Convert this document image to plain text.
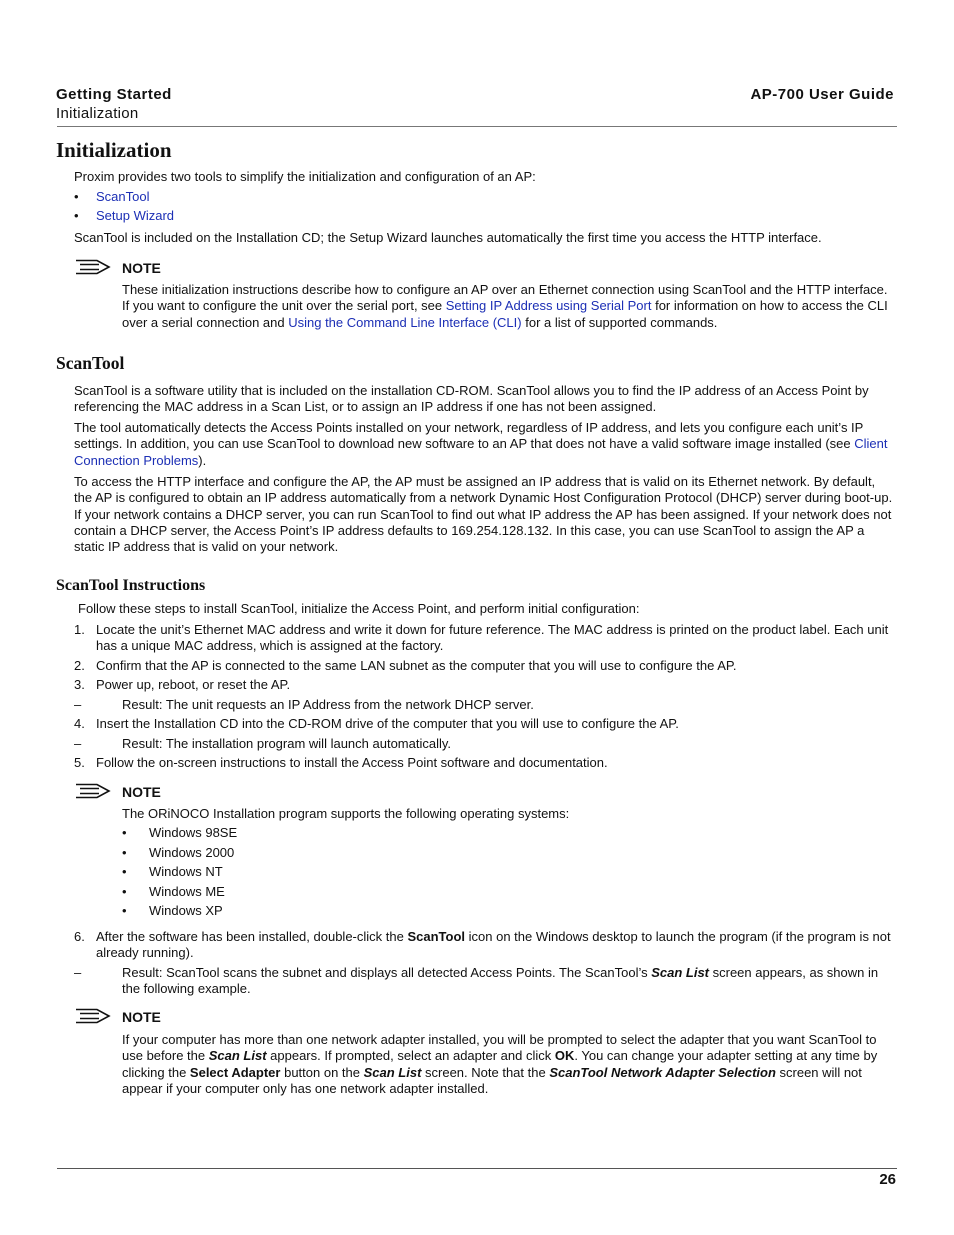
Getting Started
Initialization
AP-700 User Guide
Initialization

Proxim provides two tools to simplify the initialization and configuration of an AP:

• ScanTool
• Setup Wizard

ScanTool is included on the Installation CD; the Setup Wizard launches automatically the first time you access the HTTP interface.

NOTE

These initialization instructions describe how to configure an AP over an Ethernet connection using ScanTool and the HTTP interface. If you want to configure the unit over the serial port, see Setting IP Address using Serial Port for information on how to access the CLI over a serial connection and Using the Command Line Interface (CLI) for a list of supported commands.

ScanTool

ScanTool is a software utility that is included on the installation CD-ROM. ScanTool allows you to find the IP address of an Access Point by referencing the MAC address in a Scan List, or to assign an IP address if one has not been assigned.

The tool automatically detects the Access Points installed on your network, regardless of IP address, and lets you configure each unit’s IP settings. In addition, you can use ScanTool to download new software to an AP that does not have a valid software image installed (see Client Connection Problems).

To access the HTTP interface and configure the AP, the AP must be assigned an IP address that is valid on its Ethernet network. By default, the AP is configured to obtain an IP address automatically from a network Dynamic Host Configuration Protocol (DHCP) server during boot-up. If your network contains a DHCP server, you can run ScanTool to find out what IP address the AP has been assigned. If your network does not contain a DHCP server, the Access Point’s IP address defaults to 169.254.128.132. In this case, you can use ScanTool to assign the AP a static IP address that is valid on your network.

ScanTool Instructions

Follow these steps to install ScanTool, initialize the Access Point, and perform initial configuration:

1. Locate the unit’s Ethernet MAC address and write it down for future reference. The MAC address is printed on the product label. Each unit has a unique MAC address, which is assigned at the factory.
2. Confirm that the AP is connected to the same LAN subnet as the computer that you will use to configure the AP.
3. Power up, reboot, or reset the AP.
–	Result: The unit requests an IP Address from the network DHCP server.
4. Insert the Installation CD into the CD-ROM drive of the computer that you will use to configure the AP.
–	Result: The installation program will launch automatically.
5. Follow the on-screen instructions to install the Access Point software and documentation.
NOTE

The ORiNOCO Installation program supports the following operating systems:

• Windows 98SE
• Windows 2000
• Windows NT
• Windows ME
• Windows XP
6. After the software has been installed, double-click the ScanTool icon on the Windows desktop to launch the program (if the program is not already running).
–	Result: ScanTool scans the subnet and displays all detected Access Points. The ScanTool’s Scan List screen appears, as shown in the following example.
NOTE

If your computer has more than one network adapter installed, you will be prompted to select the adapter that you want ScanTool to use before the Scan List appears. If prompted, select an adapter and click OK. You can change your adapter setting at any time by clicking the Select Adapter button on the Scan List screen. Note that the ScanTool Network Adapter Selection screen will not appear if your computer only has one network adapter installed.

26
